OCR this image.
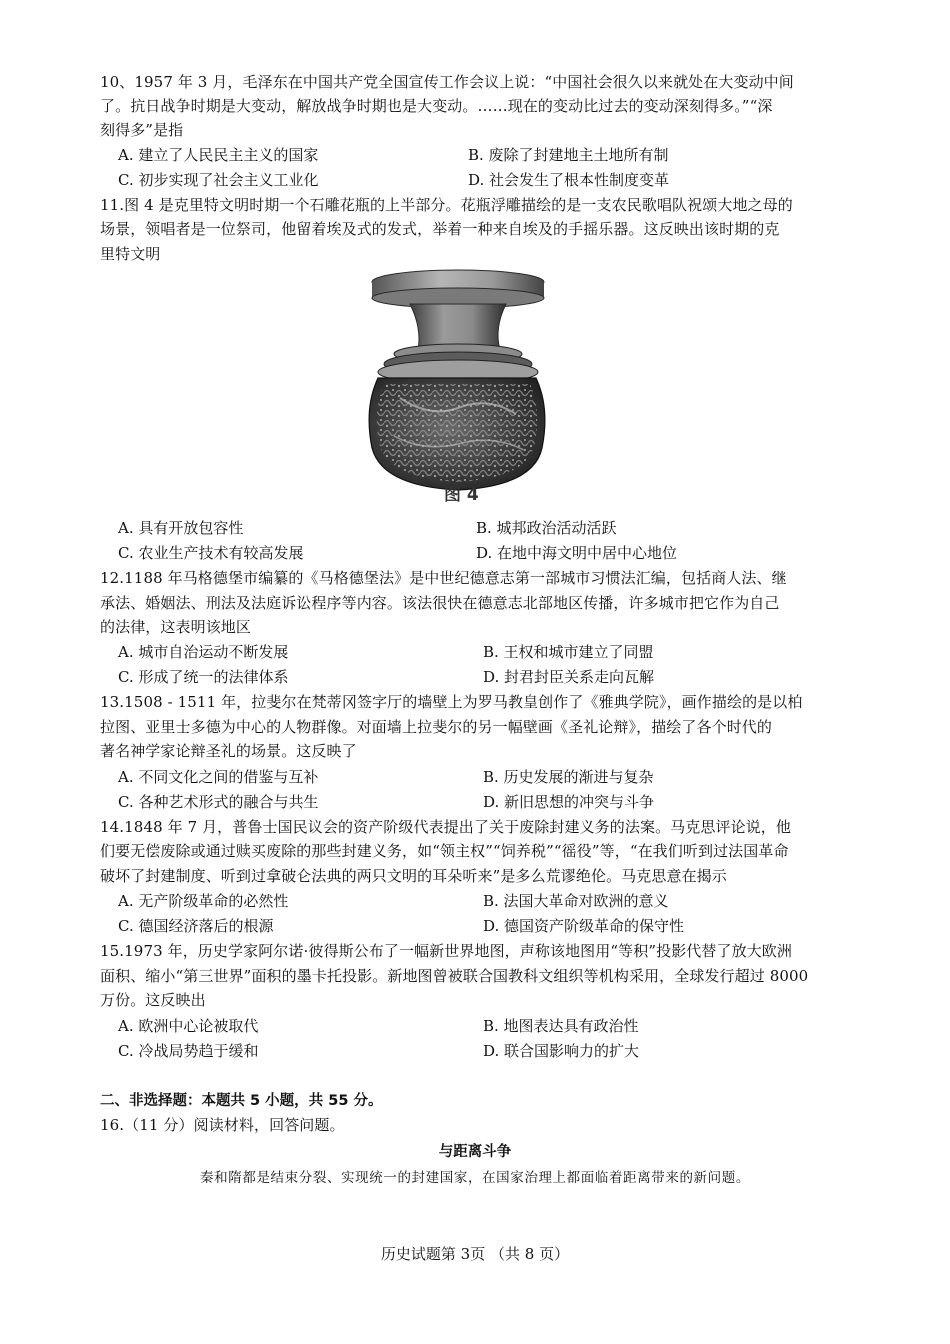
10、1957 年 3 月，毛泽东在中国共产党全国宣传工作会议上说：“中国社会很久以来就处在大变动中间
了。抗日战争时期是大变动，解放战争时期也是大变动。……现在的变动比过去的变动深刻得多。”“深
刻得多”是指
A. 建立了人民民主主义的国家	B. 废除了封建地主土地所有制
C. 初步实现了社会主义工业化	D. 社会发生了根本性制度变革
11.图 4 是克里特文明时期一个石雕花瓶的上半部分。花瓶浮雕描绘的是一支农民歌唱队祝颂大地之母的
场景，领唱者是一位祭司，他留着埃及式的发式，举着一种来自埃及的手摇乐器。这反映出该时期的克
里特文明
图 4
A. 具有开放包容性	B. 城邦政治活动活跃
C. 农业生产技术有较高发展	D. 在地中海文明中居中心地位
12.1188 年马格德堡市编纂的《马格德堡法》是中世纪德意志第一部城市习惯法汇编，包括商人法、继
承法、婚姻法、刑法及法庭诉讼程序等内容。该法很快在德意志北部地区传播，许多城市把它作为自己
的法律，这表明该地区
A. 城市自治运动不断发展	B. 王权和城市建立了同盟
C. 形成了统一的法律体系	D. 封君封臣关系走向瓦解
13.1508 - 1511 年，拉斐尔在梵蒂冈签字厅的墙壁上为罗马教皇创作了《雅典学院》，画作描绘的是以柏
拉图、亚里士多德为中心的人物群像。对面墙上拉斐尔的另一幅壁画《圣礼论辩》，描绘了各个时代的
著名神学家论辩圣礼的场景。这反映了
A. 不同文化之间的借鉴与互补	B. 历史发展的渐进与复杂
C. 各种艺术形式的融合与共生	D. 新旧思想的冲突与斗争
14.1848 年 7 月，普鲁士国民议会的资产阶级代表提出了关于废除封建义务的法案。马克思评论说，他
们要无偿废除或通过赎买废除的那些封建义务，如“领主权”“饲养税”“徭役”等，“在我们听到过法国革命
破坏了封建制度、听到过拿破仑法典的两只文明的耳朵听来”是多么荒谬绝伦。马克思意在揭示
A. 无产阶级革命的必然性	B. 法国大革命对欧洲的意义
C. 德国经济落后的根源	D. 德国资产阶级革命的保守性
15.1973 年，历史学家阿尔诺·彼得斯公布了一幅新世界地图，声称该地图用“等积”投影代替了放大欧洲
面积、缩小“第三世界”面积的墨卡托投影。新地图曾被联合国教科文组织等机构采用，全球发行超过 8000
万份。这反映出
A. 欧洲中心论被取代	B. 地图表达具有政治性
C. 冷战局势趋于缓和	D. 联合国影响力的扩大
二、非选择题：本题共 5 小题，共 55 分。
16.（11 分）阅读材料，回答问题。
与距离斗争
秦和隋都是结束分裂、实现统一的封建国家，在国家治理上都面临着距离带来的新问题。
历史试题第 3页 （共 8 页）
